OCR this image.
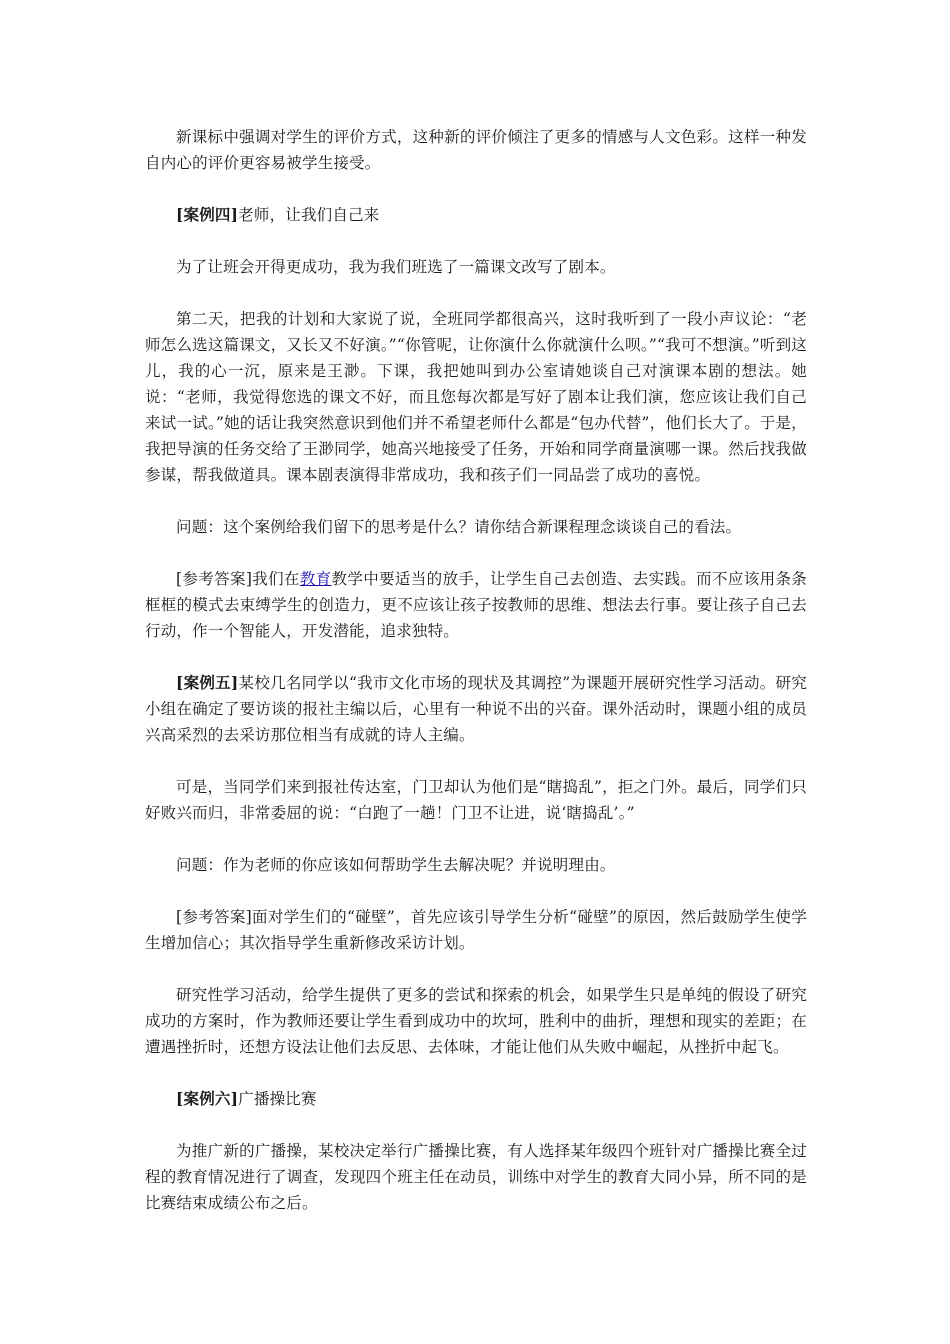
新课标中强调对学生的评价方式，这种新的评价倾注了更多的情感与人文色彩。这样一种发自内心的评价更容易被学生接受。

[案例四]老师，让我们自己来

为了让班会开得更成功，我为我们班选了一篇课文改写了剧本。

第二天，把我的计划和大家说了说，全班同学都很高兴，这时我听到了一段小声议论：“老师怎么选这篇课文，又长又不好演。”“你管呢，让你演什么你就演什么呗。”“我可不想演。”听到这儿，我的心一沉，原来是王渺。下课，我把她叫到办公室请她谈自己对演课本剧的想法。她说：“老师，我觉得您选的课文不好，而且您每次都是写好了剧本让我们演，您应该让我们自己来试一试。”她的话让我突然意识到他们并不希望老师什么都是“包办代替”，他们长大了。于是，我把导演的任务交给了王渺同学，她高兴地接受了任务，开始和同学商量演哪一课。然后找我做参谋，帮我做道具。课本剧表演得非常成功，我和孩子们一同品尝了成功的喜悦。

问题：这个案例给我们留下的思考是什么？请你结合新课程理念谈谈自己的看法。

[参考答案]我们在教育教学中要适当的放手，让学生自己去创造、去实践。而不应该用条条框框的模式去束缚学生的创造力，更不应该让孩子按教师的思维、想法去行事。要让孩子自己去行动，作一个智能人，开发潜能，追求独特。

[案例五]某校几名同学以“我市文化市场的现状及其调控”为课题开展研究性学习活动。研究小组在确定了要访谈的报社主编以后，心里有一种说不出的兴奋。课外活动时，课题小组的成员兴高采烈的去采访那位相当有成就的诗人主编。

可是，当同学们来到报社传达室，门卫却认为他们是“瞎捣乱”，拒之门外。最后，同学们只好败兴而归，非常委屈的说：“白跑了一趟！门卫不让进，说‘瞎捣乱’。”

问题：作为老师的你应该如何帮助学生去解决呢？并说明理由。

[参考答案]面对学生们的“碰壁”，首先应该引导学生分析“碰壁”的原因，然后鼓励学生使学生增加信心；其次指导学生重新修改采访计划。

研究性学习活动，给学生提供了更多的尝试和探索的机会，如果学生只是单纯的假设了研究成功的方案时，作为教师还要让学生看到成功中的坎坷，胜利中的曲折，理想和现实的差距；在遭遇挫折时，还想方设法让他们去反思、去体味，才能让他们从失败中崛起，从挫折中起飞。

[案例六]广播操比赛

为推广新的广播操，某校决定举行广播操比赛，有人选择某年级四个班针对广播操比赛全过程的教育情况进行了调查，发现四个班主任在动员，训练中对学生的教育大同小异，所不同的是比赛结束成绩公布之后。
